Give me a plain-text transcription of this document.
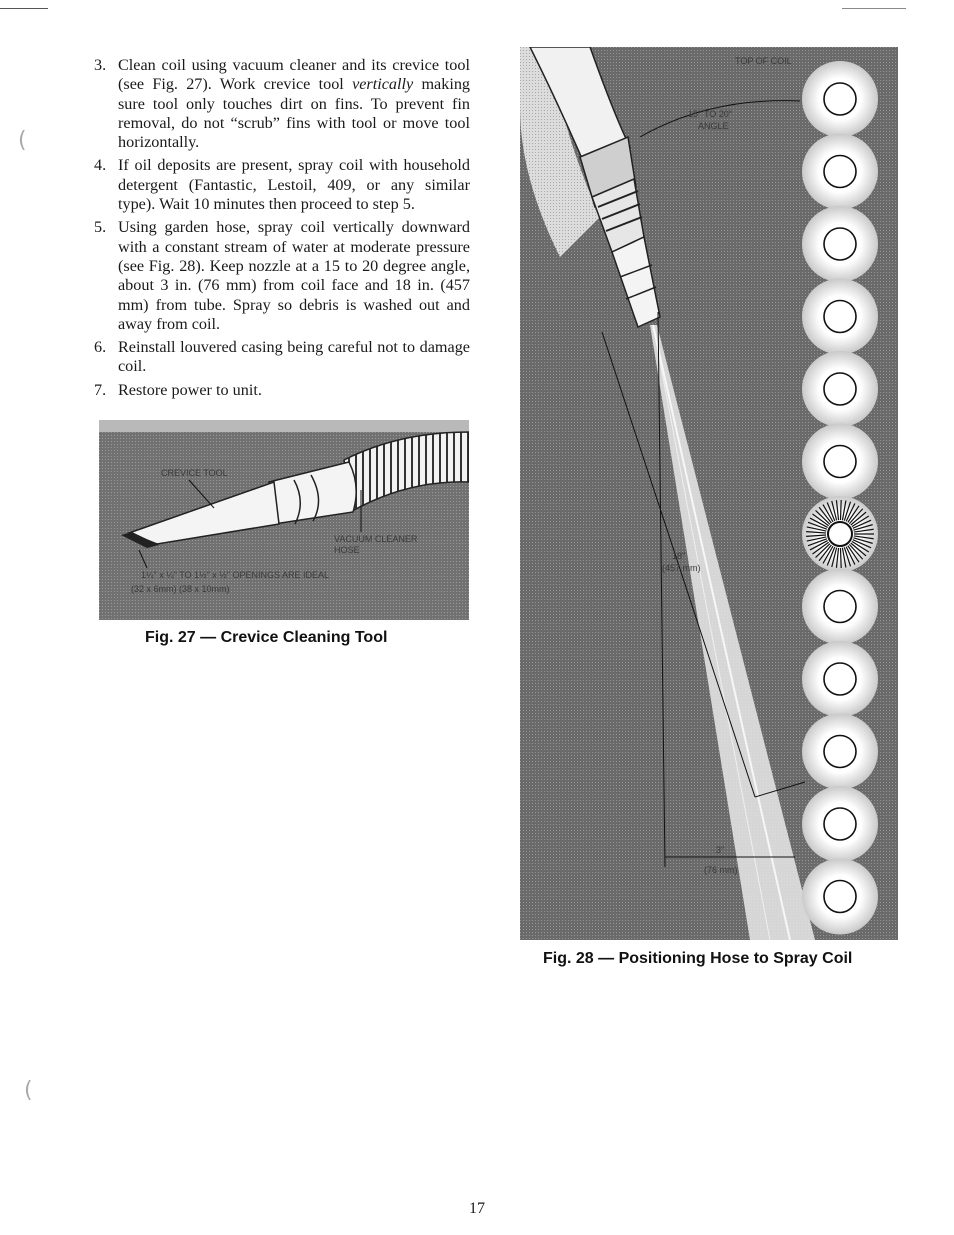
(
(
3. Clean coil using vacuum cleaner and its crevice tool (see Fig. 27). Work crevice tool vertically making sure tool only touches dirt on fins. To prevent fin removal, do not “scrub” fins with tool or move tool horizontally.
4. If oil deposits are present, spray coil with household detergent (Fantastic, Lestoil, 409, or any similar type). Wait 10 minutes then proceed to step 5.
5. Using garden hose, spray coil vertically downward with a constant stream of water at moderate pressure (see Fig. 28). Keep nozzle at a 15 to 20 degree angle, about 3 in. (76 mm) from coil face and 18 in. (457 mm) from tube. Spray so debris is washed out and away from coil.
6. Reinstall louvered casing being careful not to damage coil.
7. Restore power to unit.
CREVICE TOOL
VACUUM CLEANER
HOSE
1¼" x ¼" TO 1½" x ½" OPENINGS ARE IDEAL
(32 x 6mm) (38 x 10mm)
Fig. 27 — Crevice Cleaning Tool
TOP OF COIL
15° TO 20°
ANGLE
18"
(457 mm)
3"
(76 mm)
Fig. 28 — Positioning Hose to Spray Coil
17
